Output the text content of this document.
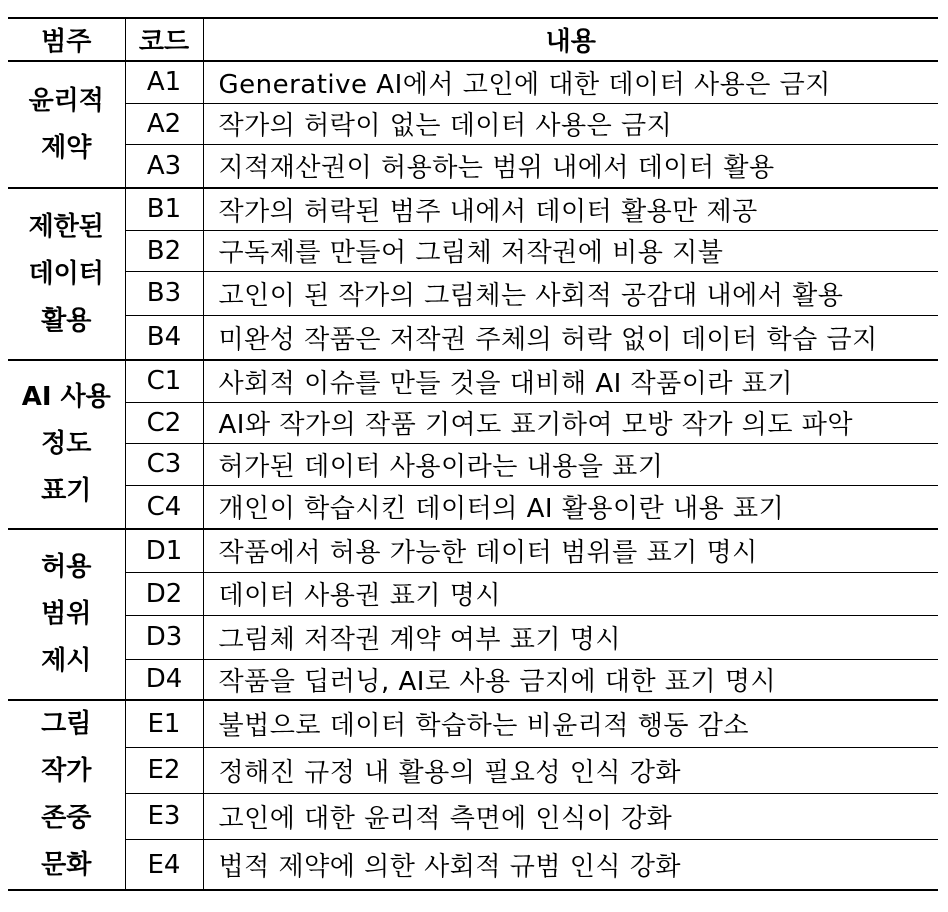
범주	코드	내용

윤리적
제약	A1	Generative AI에서 고인에 대한 데이터 사용은 금지
	A2	작가의 허락이 없는 데이터 사용은 금지
	A3	지적재산권이 허용하는 범위 내에서 데이터 활용

제한된
데이터
활용	B1	작가의 허락된 범주 내에서 데이터 활용만 제공
	B2	구독제를 만들어 그림체 저작권에 비용 지불
	B3	고인이 된 작가의 그림체는 사회적 공감대 내에서 활용
	B4	미완성 작품은 저작권 주체의 허락 없이 데이터 학습 금지

AI 사용
정도
표기	C1	사회적 이슈를 만들 것을 대비해 AI 작품이라 표기
	C2	AI와 작가의 작품 기여도 표기하여 모방 작가 의도 파악
	C3	허가된 데이터 사용이라는 내용을 표기
	C4	개인이 학습시킨 데이터의 AI 활용이란 내용 표기

허용
범위
제시	D1	작품에서 허용 가능한 데이터 범위를 표기 명시
	D2	데이터 사용권 표기 명시
	D3	그림체 저작권 계약 여부 표기 명시
	D4	작품을 딥러닝, AI로 사용 금지에 대한 표기 명시

그림
작가
존중
문화	E1	불법으로 데이터 학습하는 비윤리적 행동 감소
	E2	정해진 규정 내 활용의 필요성 인식 강화
	E3	고인에 대한 윤리적 측면에 인식이 강화
	E4	법적 제약에 의한 사회적 규범 인식 강화
